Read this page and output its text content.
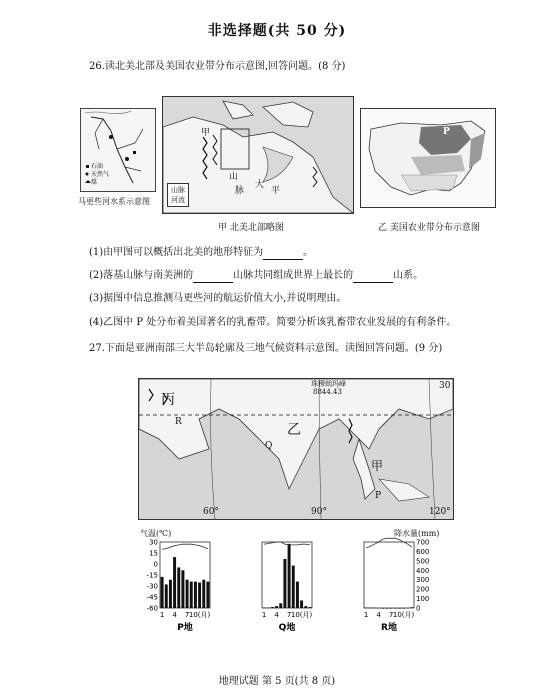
非选择题(共 50 分)
26.读北美北部及美国农业带分布示意图,回答问题。(8 分)
石油
天然气
煤
马更些河水系示意图
甲
山
脉
大
平
山脉
河流
甲 北美北部略图
P
乙 美国农业带分布示意图
(1)由甲图可以概括出北美的地形特征为	。
(2)落基山脉与南美洲的	山脉共同组成世界上最长的	山系。
(3)据图中信息推测马更些河的航运价值大小,并说明理由。
(4)乙图中 P 处分布着美国著名的乳畜带。简要分析该乳畜带农业发展的有利条件。
27.下面是亚洲南部三大半岛轮廓及三地气候资料示意图。读图回答问题。(9 分)
丙
乙
甲
R
Q
P
珠穆朗玛峰
8844.43
60°	90°	120°
30
气温(℃)	降水量(mm)
1 4 7 10(月)
P地
1 4 7 10(月)
Q地
1 4 7 10(月)
R地
30
15
0
-15
-30
-45
-60
700
600
500
400
300
200
100
0
地理试题 第 5 页(共 8 页)
